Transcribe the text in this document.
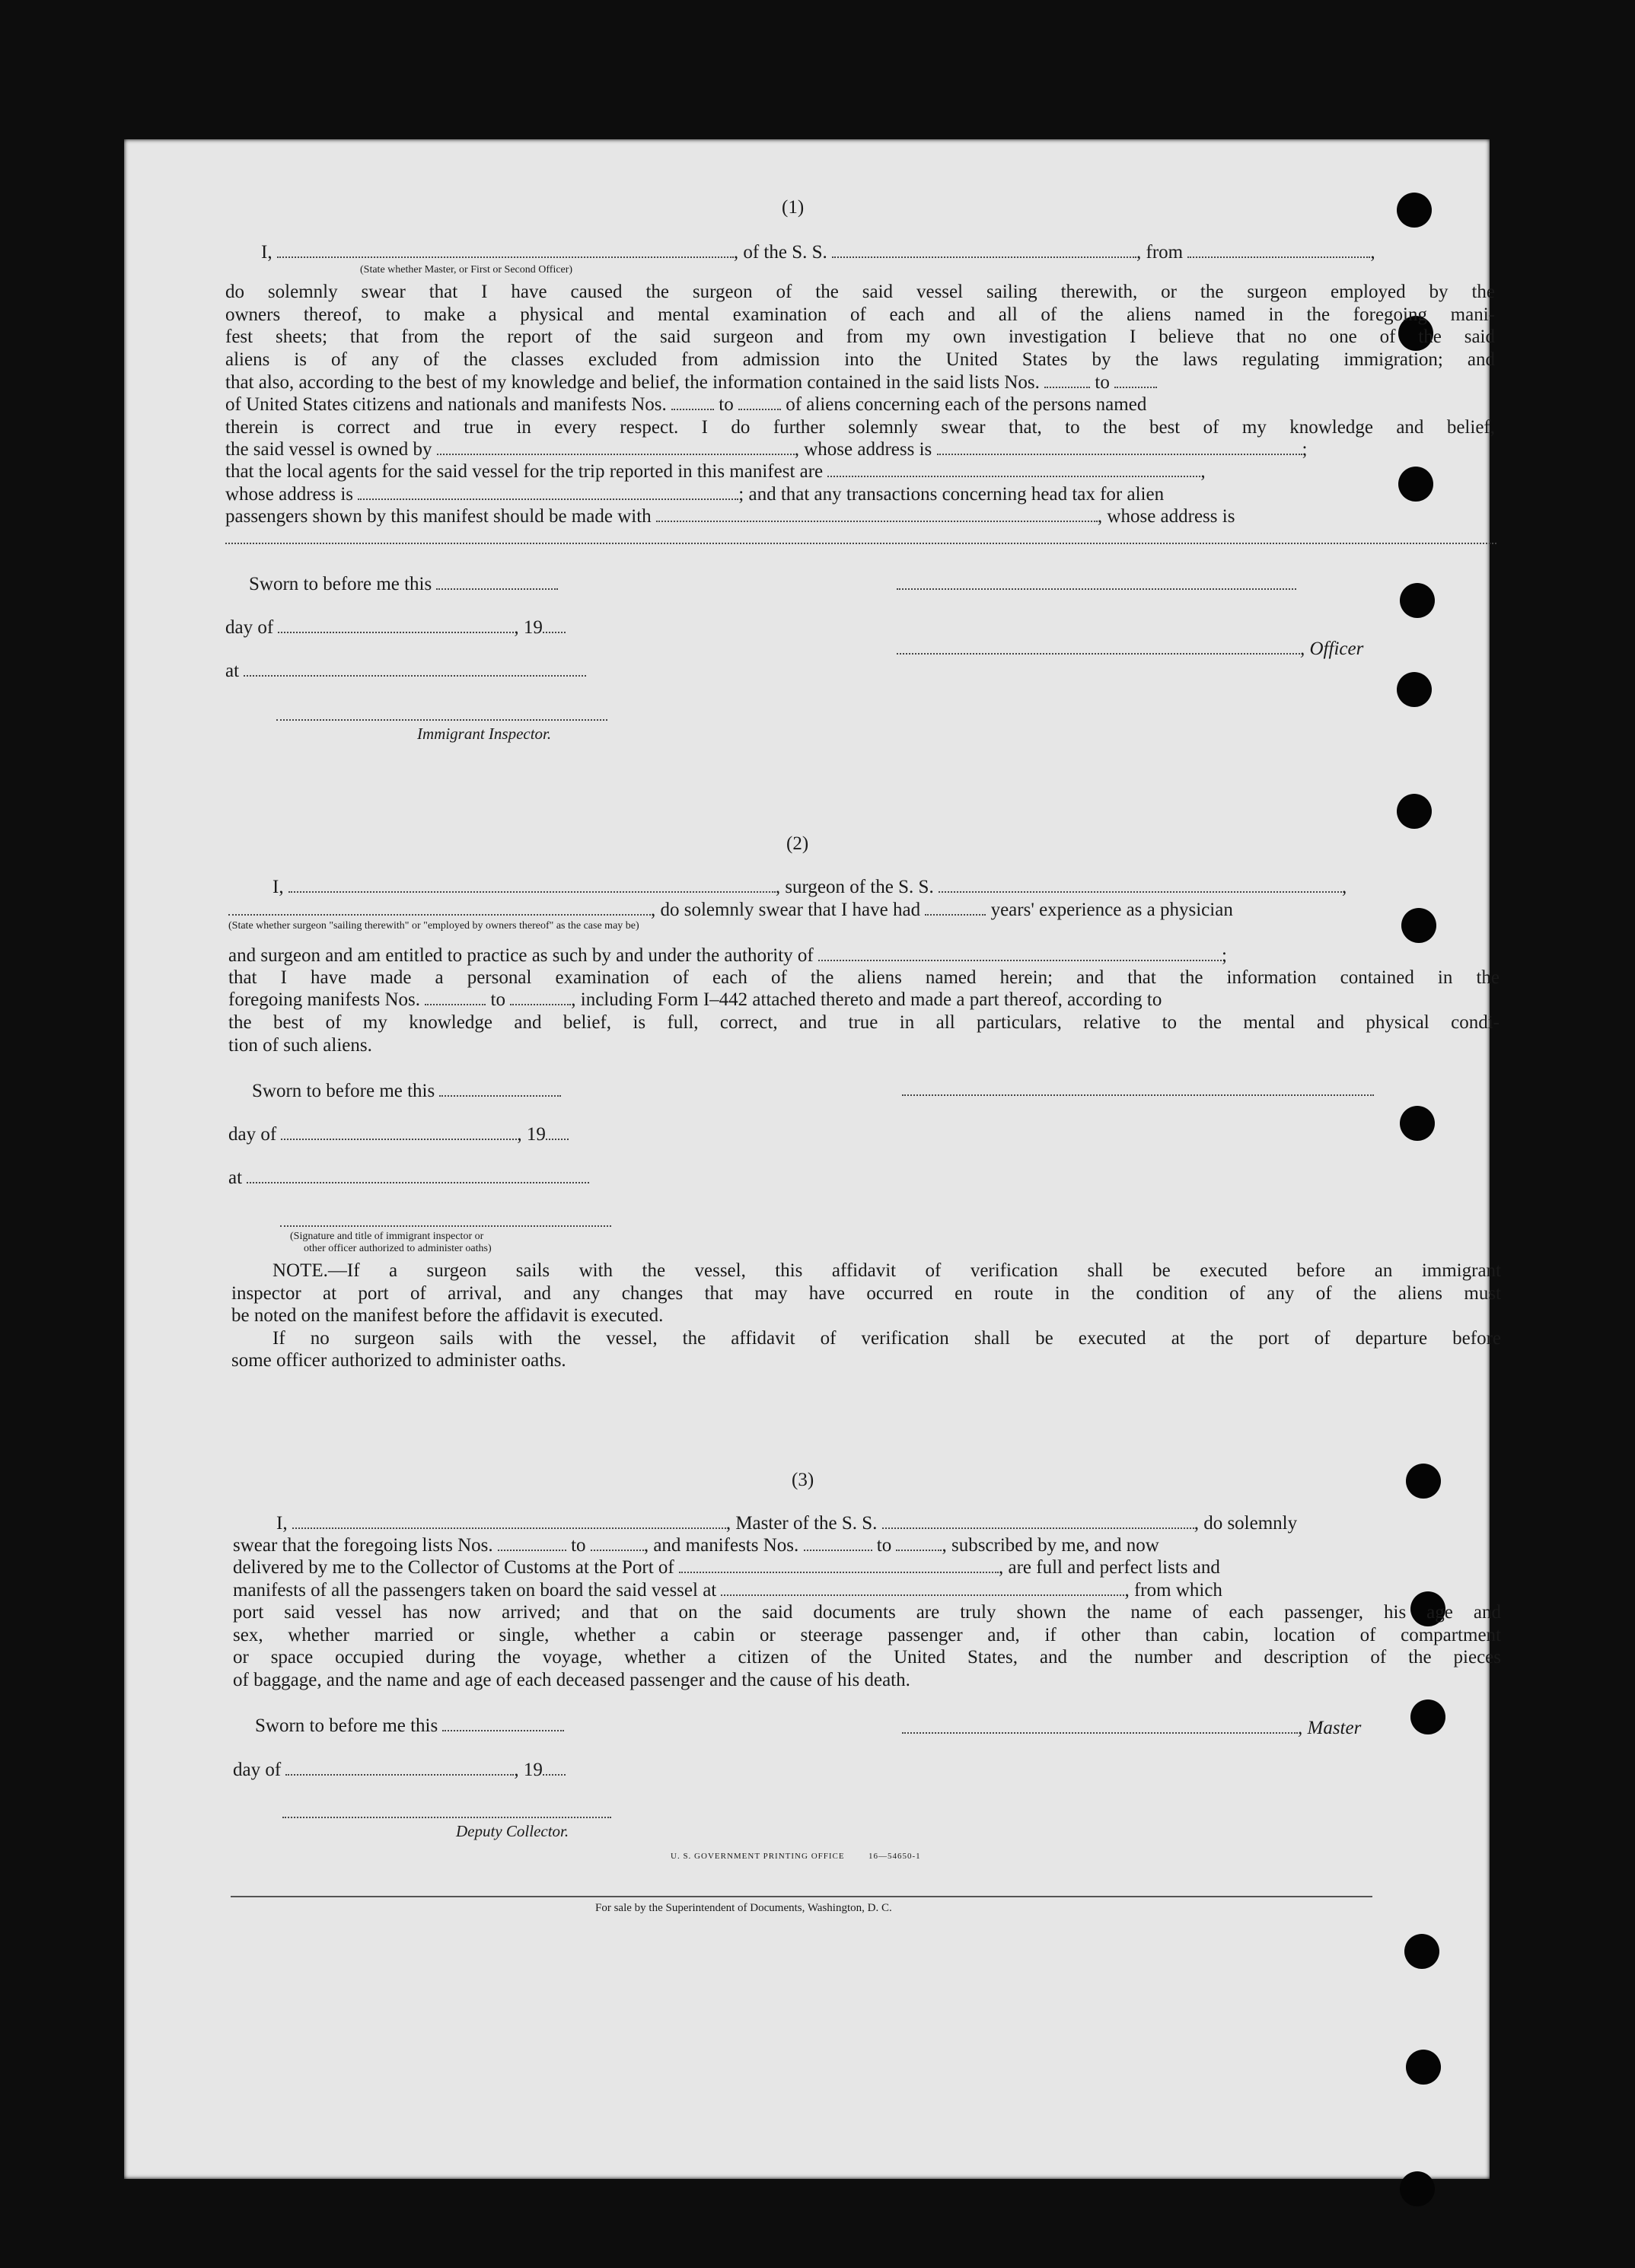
(1)
I,	, of the S. S.	, from	,
(State whether Master, or First or Second Officer)
do solemnly swear that I have caused the surgeon of the said vessel sailing therewith, or the surgeon employed by the
owners thereof, to make a physical and mental examination of each and all of the aliens named in the foregoing mani-
fest sheets; that from the report of the said surgeon and from my own investigation I believe that no one of the said
aliens is of any of the classes excluded from admission into the United States by the laws regulating immigration; and
that also, according to the best of my knowledge and belief, the information contained in the said lists Nos.	to
of United States citizens and nationals and manifests Nos.	to	of aliens concerning each of the persons named
therein is correct and true in every respect. I do further solemnly swear that, to the best of my knowledge and belief,
the said vessel is owned by	, whose address is	;
that the local agents for the said vessel for the trip reported in this manifest are	,
whose address is	; and that any transactions concerning head tax for alien
passengers shown by this manifest should be made with	, whose address is
Sworn to before me this
day of	, 19
, Officer
at
Immigrant Inspector.
(2)
I,	, surgeon of the S. S.	,
, do solemnly swear that I have had	years' experience as a physician
(State whether surgeon "sailing therewith" or "employed by owners thereof" as the case may be)
and surgeon and am entitled to practice as such by and under the authority of	;
that I have made a personal examination of each of the aliens named herein; and that the information contained in the
foregoing manifests Nos.	to	, including Form I–442 attached thereto and made a part thereof, according to
the best of my knowledge and belief, is full, correct, and true in all particulars, relative to the mental and physical condi-
tion of such aliens.
Sworn to before me this
day of	, 19
at
(Signature and title of immigrant inspector or
other officer authorized to administer oaths)
NOTE.—If a surgeon sails with the vessel, this affidavit of verification shall be executed before an immigrant
inspector at port of arrival, and any changes that may have occurred en route in the condition of any of the aliens must
be noted on the manifest before the affidavit is executed.
If no surgeon sails with the vessel, the affidavit of verification shall be executed at the port of departure before
some officer authorized to administer oaths.
(3)
I,	, Master of the S. S.	, do solemnly
swear that the foregoing lists Nos.	to	, and manifests Nos.	to	, subscribed by me, and now
delivered by me to the Collector of Customs at the Port of	, are full and perfect lists and
manifests of all the passengers taken on board the said vessel at	, from which
port said vessel has now arrived; and that on the said documents are truly shown the name of each passenger, his age and
sex, whether married or single, whether a cabin or steerage passenger and, if other than cabin, location of compartment
or space occupied during the voyage, whether a citizen of the United States, and the number and description of the pieces
of baggage, and the name and age of each deceased passenger and the cause of his death.
Sworn to before me this	, Master
day of	, 19
Deputy Collector.
U. S. GOVERNMENT PRINTING OFFICE	16—54650-1
For sale by the Superintendent of Documents, Washington, D. C.
